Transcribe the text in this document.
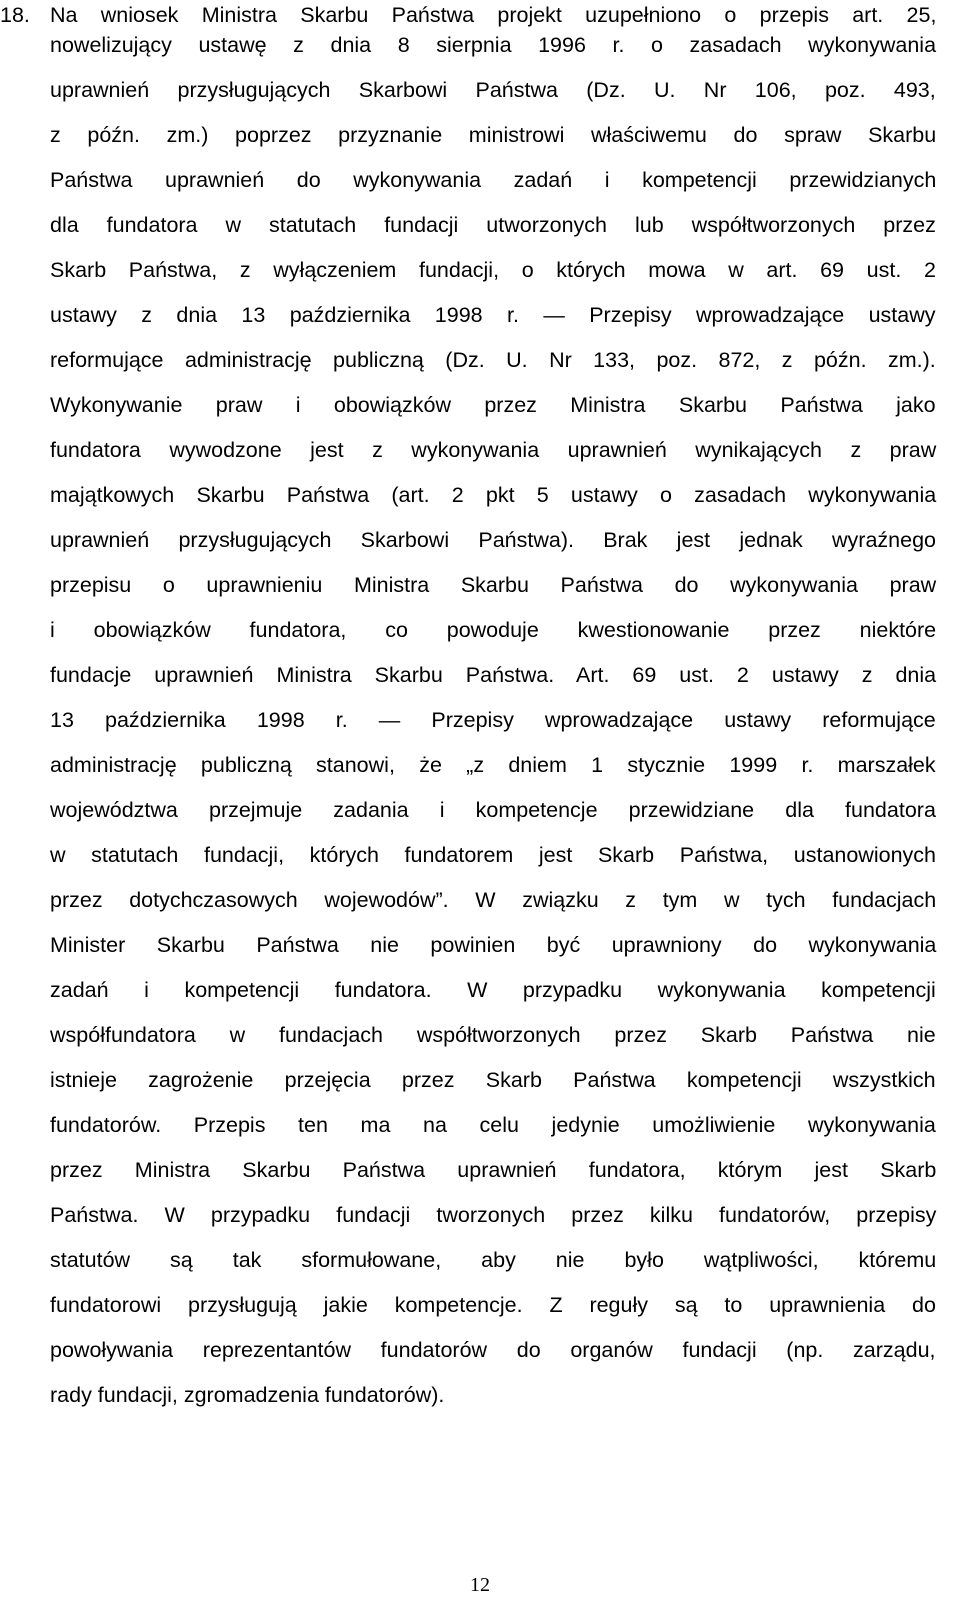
18. Na wniosek Ministra Skarbu Państwa projekt uzupełniono o przepis art. 25,
nowelizujący ustawę z dnia 8 sierpnia 1996 r. o zasadach wykonywania
uprawnień przysługujących Skarbowi Państwa (Dz. U. Nr 106, poz. 493,
z późn. zm.) poprzez przyznanie ministrowi właściwemu do spraw Skarbu
Państwa uprawnień do wykonywania zadań i kompetencji przewidzianych
dla fundatora w statutach fundacji utworzonych lub współtworzonych przez
Skarb Państwa, z wyłączeniem fundacji, o których mowa w art. 69 ust. 2
ustawy z dnia 13 października 1998 r. — Przepisy wprowadzające ustawy
reformujące administrację publiczną (Dz. U. Nr 133, poz. 872, z późn. zm.).
Wykonywanie praw i obowiązków przez Ministra Skarbu Państwa jako
fundatora wywodzone jest z wykonywania uprawnień wynikających z praw
majątkowych Skarbu Państwa (art. 2 pkt 5 ustawy o zasadach wykonywania
uprawnień przysługujących Skarbowi Państwa). Brak jest jednak wyraźnego
przepisu o uprawnieniu Ministra Skarbu Państwa do wykonywania praw
i obowiązków fundatora, co powoduje kwestionowanie przez niektóre
fundacje uprawnień Ministra Skarbu Państwa. Art. 69 ust. 2 ustawy z dnia
13 października 1998 r. — Przepisy wprowadzające ustawy reformujące
administrację publiczną stanowi, że „z dniem 1 stycznie 1999 r. marszałek
województwa przejmuje zadania i kompetencje przewidziane dla fundatora
w statutach fundacji, których fundatorem jest Skarb Państwa, ustanowionych
przez dotychczasowych wojewodów”. W związku z tym w tych fundacjach
Minister Skarbu Państwa nie powinien być uprawniony do wykonywania
zadań i kompetencji fundatora. W przypadku wykonywania kompetencji
współfundatora w fundacjach współtworzonych przez Skarb Państwa nie
istnieje zagrożenie przejęcia przez Skarb Państwa kompetencji wszystkich
fundatorów. Przepis ten ma na celu jedynie umożliwienie wykonywania
przez Ministra Skarbu Państwa uprawnień fundatora, którym jest Skarb
Państwa. W przypadku fundacji tworzonych przez kilku fundatorów, przepisy
statutów są tak sformułowane, aby nie było wątpliwości, któremu
fundatorowi przysługują jakie kompetencje. Z reguły są to uprawnienia do
powoływania reprezentantów fundatorów do organów fundacji (np. zarządu,
rady fundacji, zgromadzenia fundatorów).
12
